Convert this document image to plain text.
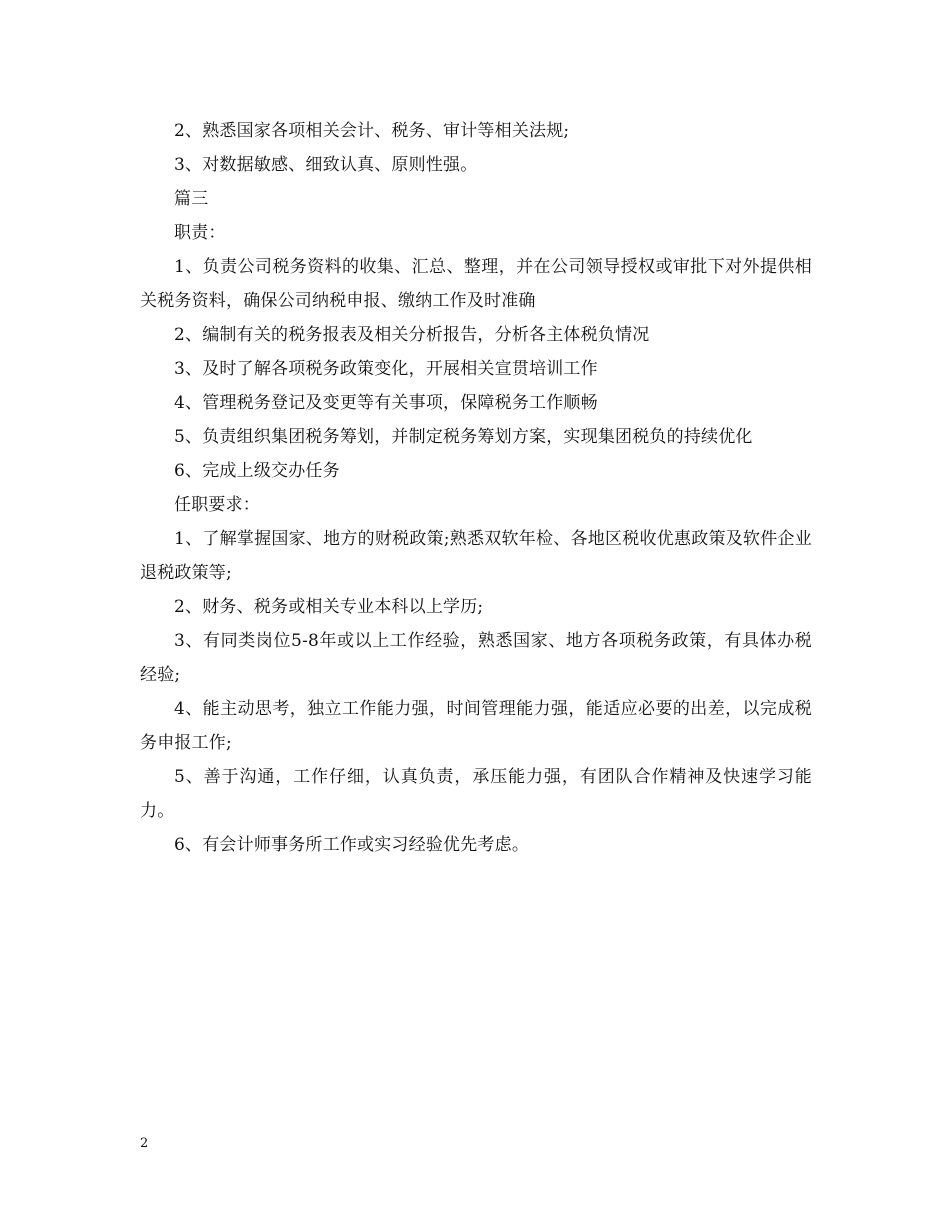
2、熟悉国家各项相关会计、税务、审计等相关法规;

3、对数据敏感、细致认真、原则性强。

篇三

职责：

1、负责公司税务资料的收集、汇总、整理，并在公司领导授权或审批下对外提供相关税务资料，确保公司纳税申报、缴纳工作及时准确

2、编制有关的税务报表及相关分析报告，分析各主体税负情况

3、及时了解各项税务政策变化，开展相关宣贯培训工作

4、管理税务登记及变更等有关事项，保障税务工作顺畅

5、负责组织集团税务筹划，并制定税务筹划方案，实现集团税负的持续优化

6、完成上级交办任务

任职要求：

1、了解掌握国家、地方的财税政策;熟悉双软年检、各地区税收优惠政策及软件企业退税政策等;

2、财务、税务或相关专业本科以上学历;

3、有同类岗位5-8年或以上工作经验，熟悉国家、地方各项税务政策，有具体办税经验;

4、能主动思考，独立工作能力强，时间管理能力强，能适应必要的出差，以完成税务申报工作;

5、善于沟通，工作仔细，认真负责，承压能力强，有团队合作精神及快速学习能力。

6、有会计师事务所工作或实习经验优先考虑。

2
